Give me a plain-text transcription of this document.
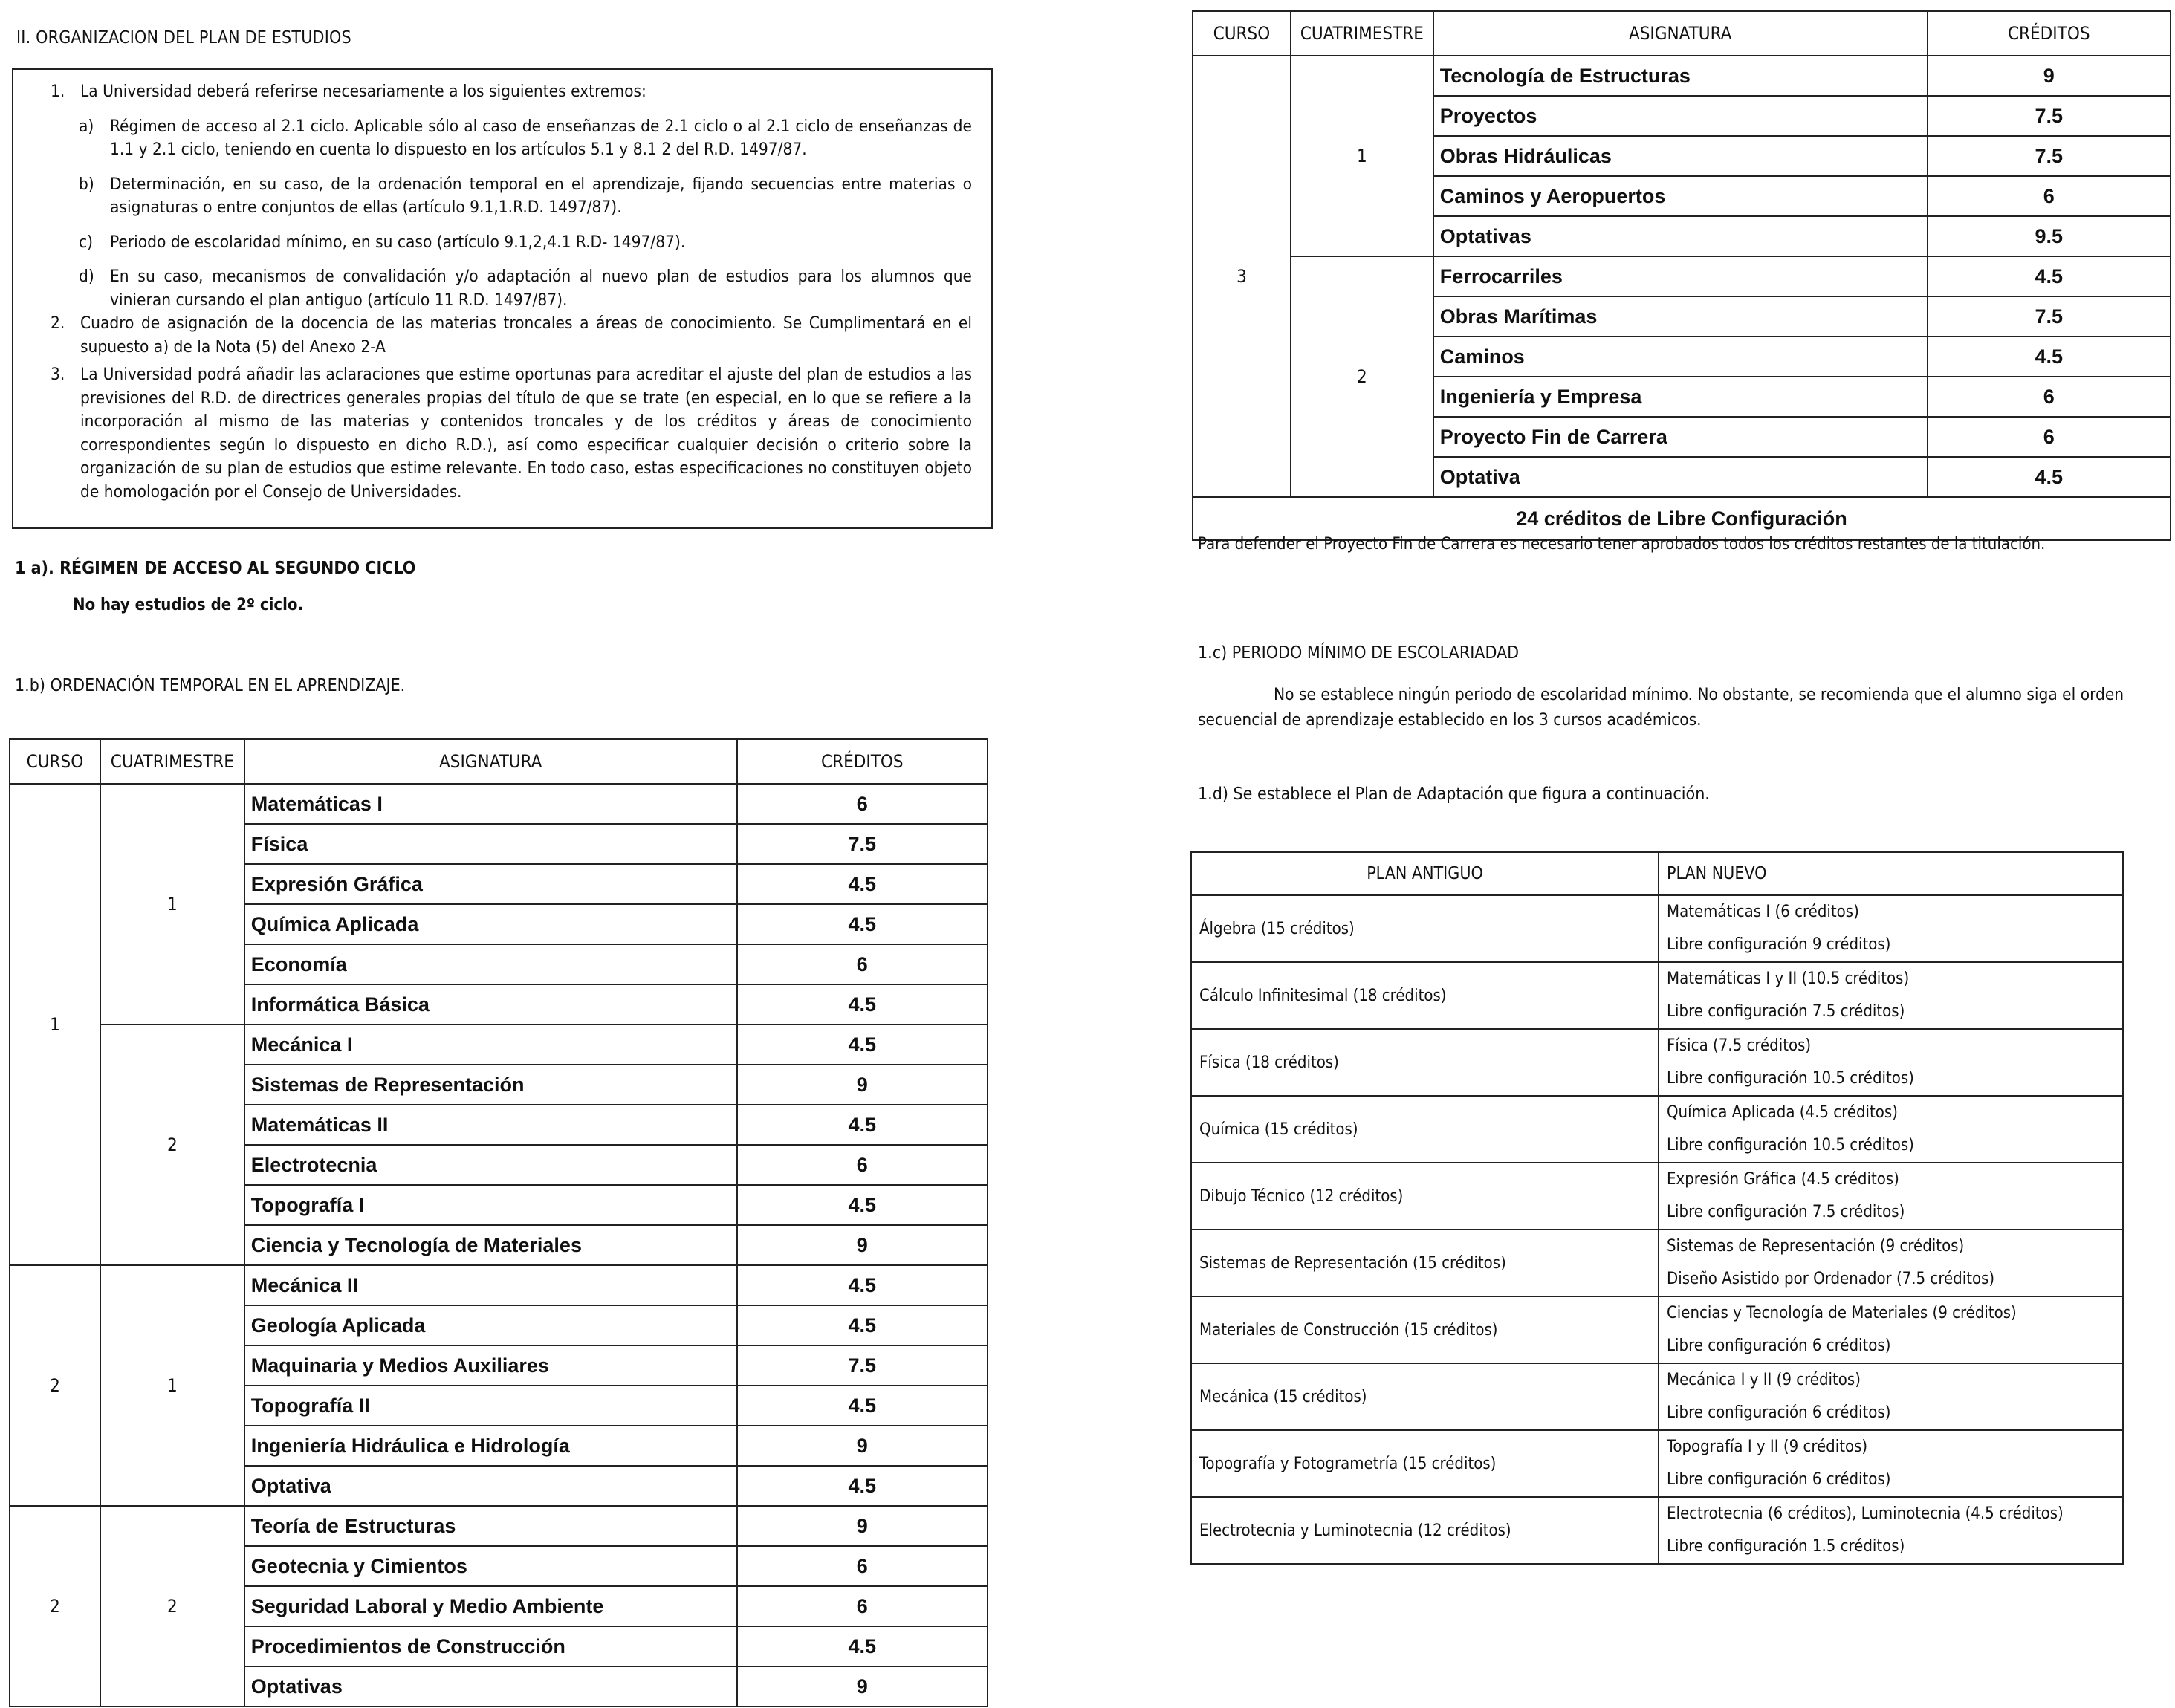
II. ORGANIZACION DEL PLAN DE ESTUDIOS

1. La Universidad deberá referirse necesariamente a los siguientes extremos:

a) Régimen de acceso al 2.1 ciclo. Aplicable sólo al caso de enseñanzas de 2.1 ciclo o al 2.1 ciclo de enseñanzas de 1.1 y 2.1 ciclo, teniendo en cuenta lo dispuesto en los artículos 5.1 y 8.1 2 del R.D. 1497/87.

b) Determinación, en su caso, de la ordenación temporal en el aprendizaje, fijando secuencias entre materias o asignaturas o entre conjuntos de ellas (artículo 9.1,1.R.D. 1497/87).

c) Periodo de escolaridad mínimo, en su caso (artículo 9.1,2,4.1 R.D- 1497/87).

d) En su caso, mecanismos de convalidación y/o adaptación al nuevo plan de estudios para los alumnos que vinieran cursando el plan antiguo (artículo 11 R.D. 1497/87).

2. Cuadro de asignación de la docencia de las materias troncales a áreas de conocimiento. Se Cumplimentará en el supuesto a) de la Nota (5) del Anexo 2-A

3. La Universidad podrá añadir las aclaraciones que estime oportunas para acreditar el ajuste del plan de estudios a las previsiones del R.D. de directrices generales propias del título de que se trate (en especial, en lo que se refiere a la incorporación al mismo de las materias y contenidos troncales y de los créditos y áreas de conocimiento correspondientes según lo dispuesto en dicho R.D.), así como especificar cualquier decisión o criterio sobre la organización de su plan de estudios que estime relevante. En todo caso, estas especificaciones no constituyen objeto de homologación por el Consejo de Universidades.

1 a). RÉGIMEN DE ACCESO AL SEGUNDO CICLO
No hay estudios de 2º ciclo.
1.b) ORDENACIÓN TEMPORAL EN EL APRENDIZAJE.
CURSO	CUATRIMESTRE	ASIGNATURA	CRÉDITOS
1	1	Matemáticas I	6
		Física	7.5
		Expresión Gráfica	4.5
		Química Aplicada	4.5
		Economía	6
		Informática Básica	4.5
	2	Mecánica I	4.5
		Sistemas de Representación	9
		Matemáticas II	4.5
		Electrotecnia	6
		Topografía I	4.5
		Ciencia y Tecnología de Materiales	9
2	1	Mecánica II	4.5
		Geología Aplicada	4.5
		Maquinaria y Medios Auxiliares	7.5
		Topografía II	4.5
		Ingeniería Hidráulica e Hidrología	9
		Optativa	4.5
2	2	Teoría de Estructuras	9
		Geotecnia y Cimientos	6
		Seguridad Laboral y Medio Ambiente	6
		Procedimientos de Construcción	4.5
		Optativas	9
CURSO	CUATRIMESTRE	ASIGNATURA	CRÉDITOS
3	1	Tecnología de Estructuras	9
		Proyectos	7.5
		Obras Hidráulicas	7.5
		Caminos y Aeropuertos	6
		Optativas	9.5
	2	Ferrocarriles	4.5
		Obras Marítimas	7.5
		Caminos	4.5
		Ingeniería y Empresa	6
		Proyecto Fin de Carrera	6
		Optativa	4.5
24 créditos de Libre Configuración			
Para defender el Proyecto Fin de Carrera es necesario tener aprobados todos los créditos restantes de la titulación.
1.c) PERIODO MÍNIMO DE ESCOLARIADAD
No se establece ningún periodo de escolaridad mínimo. No obstante, se recomienda que el alumno siga el orden secuencial de aprendizaje establecido en los 3 cursos académicos.
1.d) Se establece el Plan de Adaptación que figura a continuación.
PLAN ANTIGUO	PLAN NUEVO
Álgebra (15 créditos)	Matemáticas I (6 créditos)
Libre configuración 9 créditos)

Cálculo Infinitesimal (18 créditos)	Matemáticas I y II (10.5 créditos)
Libre configuración 7.5 créditos)

Física (18 créditos)	Física (7.5 créditos)
Libre configuración 10.5 créditos)

Química (15 créditos)	Química Aplicada (4.5 créditos)
Libre configuración 10.5 créditos)

Dibujo Técnico (12 créditos)	Expresión Gráfica (4.5 créditos)
Libre configuración 7.5 créditos)

Sistemas de Representación (15 créditos)	Sistemas de Representación (9 créditos)
Diseño Asistido por Ordenador (7.5 créditos)

Materiales de Construcción (15 créditos)	Ciencias y Tecnología de Materiales (9 créditos)
Libre configuración 6 créditos)

Mecánica (15 créditos)	Mecánica I y II (9 créditos)
Libre configuración 6 créditos)

Topografía y Fotogrametría (15 créditos)	Topografía I y II (9 créditos)
Libre configuración 6 créditos)

Electrotecnia y Luminotecnia (12 créditos)	Electrotecnia (6 créditos), Luminotecnia (4.5 créditos)
Libre configuración 1.5 créditos)
